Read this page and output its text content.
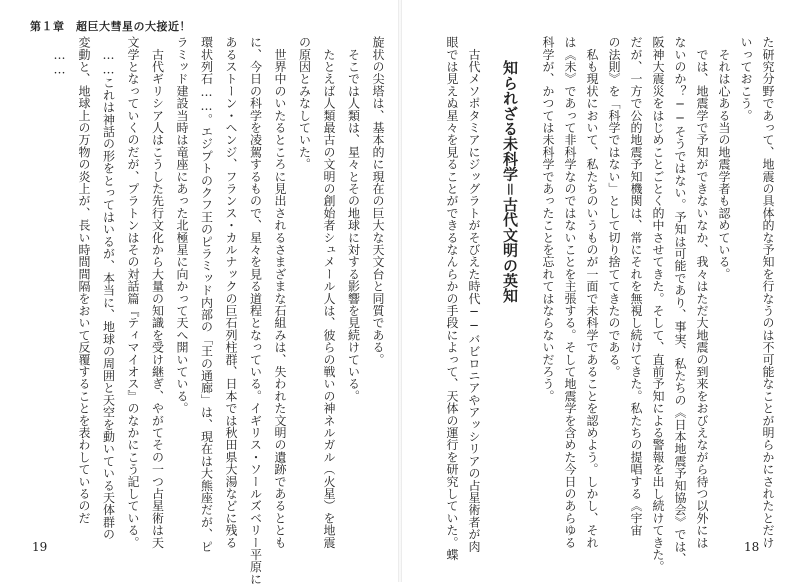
第１章　超巨大彗星の大接近！
た研究分野であって、地震の具体的な予知を行なうのは不可能なことが明らかにされたとだけ
いっておこう。
　それは心ある当の地震学者も認めている。
　では、地震学で予知ができないなか、我々はただ大地震の到来をおびえながら待つ以外には
ないのか？──そうではない。予知は可能であり、事実、私たちの《日本地震予知協会》では、
阪神大震災をはじめことごとく的中させてきた。そして、直前予知による警報を出し続けてきた。
だが、一方で公的地震予知機関は、常にそれを無視し続けてきた。私たちの提唱する《宇宙
の法則》を「科学ではない」として切り捨ててきたのである。
　私も現状において、私たちのいうものが一面で未科学であることを認めよう。しかし、それ
は《未》であって非科学なのではないことを主張する。そして地震学を含めた今日のあらゆる
科学が、かつては未科学であったことを忘れてはならないだろう。
知られざる未科学＝古代文明の英知
　古代メソポタミアにジッグラトがそびえた時代──バビロニアやアッシリアの占星術者が肉
眼では見えぬ星々を見ることができるなんらかの手段によって、天体の運行を研究していた。蝶
旋状の尖塔は、基本的に現在の巨大な天文台と同質である。
　そこでは人類は、星々とその地球に対する影響を見続けている。
　たとえば人類最古の文明の創始者シュメール人は、彼らの戦いの神ネルガル（火星）を地震
の原因とみなしていた。
　世界中のいたるところに見出されるさまざまな石組みは、失われた文明の遺跡であるととも
に、今日の科学を凌駕するもので、星々を見る道程となっている。イギリス・ソールズベリー平原に
あるストーン・ヘンジ、フランス・カルナックの巨石列柱群、日本では秋田県大湯などに残る
環状列石……。エジプトのクフ王のピラミッド内部の「王の通廊」は、現在は大熊座だが、ピ
ラミッド建設当時は竜座にあった北極星に向かって天へ開いている。
　古代ギリシア人はこうした先行文化から大量の知識を受け継ぎ、やがてその一つ占星術は天
文学となっていくのだが、プラトンはその対話篇『ティマイオス』のなかにこう記している。
　……これは神話の形をとってはいるが、本当に、地球の周囲と天空を動いている天体群の
変動と、地球上の万物の炎上が、長い時間間隔をおいて反覆することを表わしているのだ
　……
19	18
